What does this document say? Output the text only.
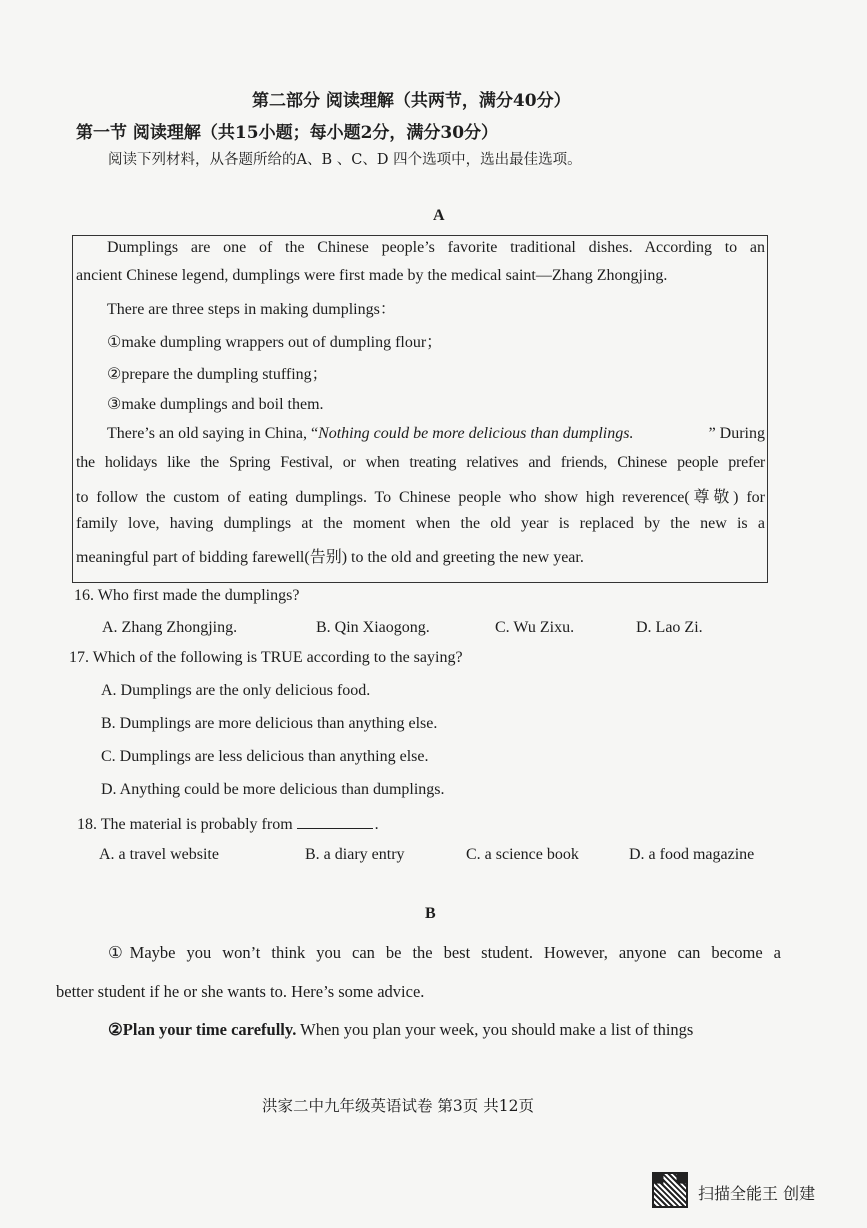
第二部分 阅读理解（共两节，满分40分）
第一节 阅读理解（共15小题；每小题2分，满分30分）
阅读下列材料，从各题所给的A、B 、C、D 四个选项中，选出最佳选项。
A
Dumplings are one of the Chinese people’s favorite traditional dishes. According to an
ancient Chinese legend, dumplings were first made by the medical saint—Zhang Zhongjing.
There are three steps in making dumplings：
①make dumpling wrappers out of dumpling flour；
②prepare the dumpling stuffing；
③make dumplings and boil them.
There’s an old saying in China, “ Nothing could be more delicious than dumplings.	” During
the holidays like the Spring Festival, or when treating relatives and friends, Chinese people prefer
to follow the custom of eating dumplings. To Chinese people who show high reverence(尊敬) for
family love, having dumplings at the moment when the old year is replaced by the new is a
meaningful part of bidding farewell(告别) to the old and greeting the new year.
16. Who first made the dumplings?
A. Zhang Zhongjing.	B. Qin Xiaogong.	C. Wu Zixu.	D. Lao Zi.
17. Which of the following is TRUE according to the saying?
A. Dumplings are the only delicious food.
B. Dumplings are more delicious than anything else.
C. Dumplings are less delicious than anything else.
D. Anything could be more delicious than dumplings.
18. The material is probably from	.
A. a travel website	B. a diary entry	C. a science book	D. a food magazine
B
①Maybe you won’t think you can be the best student. However, anyone can become a
better student if he or she wants to. Here’s some advice.
②Plan your time carefully. When you plan your week, you should make a list of things
洪家二中九年级英语试卷 第3页 共12页
扫描全能王 创建
